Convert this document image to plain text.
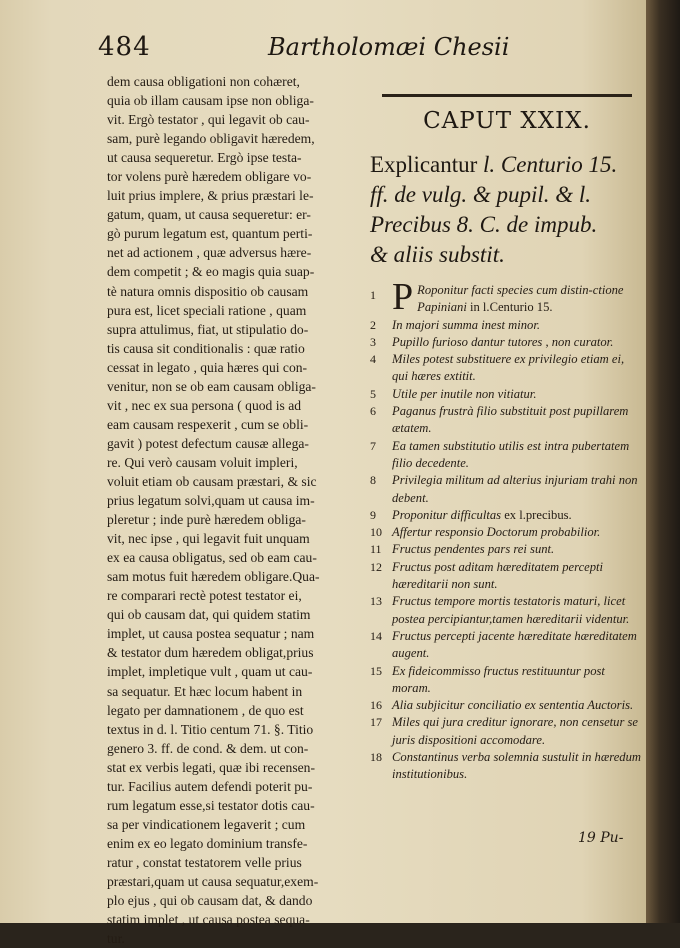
484	Bartholomæi Chesii
dem causa obligationi non cohæret,
quia ob illam causam ipse non obliga-
vit. Ergò testator , qui legavit ob cau-
sam, purè legando obligavit hæredem,
ut causa sequeretur. Ergò ipse testa-
tor volens purè hæredem obligare vo-
luit prius implere, & prius præstari le-
gatum, quam, ut causa sequeretur: er-
gò purum legatum est, quantum perti-
net ad actionem , quæ adversus hære-
dem competit ; & eo magis quia suap-
tè natura omnis dispositio ob causam
pura est, licet speciali ratione , quam
supra attulimus, fiat, ut stipulatio do-
tis causa sit conditionalis : quæ ratio
cessat in legato , quia hæres qui con-
venitur, non se ob eam causam obliga-
vit , nec ex sua persona ( quod is ad
eam causam respexerit , cum se obli-
gavit ) potest defectum causæ allega-
re. Qui verò causam voluit impleri,
voluit etiam ob causam præstari, & sic
prius legatum solvi,quam ut causa im-
pleretur ; inde purè hæredem obliga-
vit, nec ipse , qui legavit fuit unquam
ex ea causa obligatus, sed ob eam cau-
sam motus fuit hæredem obligare.Qua-
re comparari rectè potest testator ei,
qui ob causam dat, qui quidem statim
implet, ut causa postea sequatur ; nam
& testator dum hæredem obligat,prius
implet, impletique vult , quam ut cau-
sa sequatur. Et hæc locum habent in
legato per damnationem , de quo est
textus in d. l. Titio centum 71. §. Titio
genero 3. ff. de cond. & dem. ut con-
stat ex verbis legati, quæ ibi recensen-
tur. Facilius autem defendi poterit pu-
rum legatum esse,si testator dotis cau-
sa per vindicationem legaverit ; cum
enim ex eo legato dominium transfe-
ratur , constat testatorem velle prius
præstari,quam ut causa sequatur,exem-
plo ejus , qui ob causam dat, & dando
statim implet , ut causa postea sequa-
tur.
CAPUT XXIX.
Explicantur l. Centurio 15.
ff. de vulg. & pupil. & l.
Precibus 8. C. de impub.
& aliis substit.
1 P Roponitur facti species cum distin-ctione Papiniani in l.Centurio 15.
2	In majori summa inest minor.
3	Pupillo furioso dantur tutores , non curator.
4	Miles potest substituere ex privilegio etiam ei, qui hæres extitit.
5	Utile per inutile non vitiatur.
6	Paganus frustrà filio substituit post pupillarem ætatem.
7	Ea tamen substitutio utilis est intra pubertatem filio decedente.
8	Privilegia militum ad alterius injuriam trahi non debent.
9	Proponitur difficultas ex l.precibus.
10 Affertur responsio Doctorum probabilior.
11 Fructus pendentes pars rei sunt.
12 Fructus post aditam hæreditatem percepti hæreditarii non sunt.
13 Fructus tempore mortis testatoris maturi, licet postea percipiantur,tamen hæreditarii videntur.
14 Fructus percepti jacente hæreditate hæreditatem augent.
15 Ex fideicommisso fructus restituuntur post moram.
16 Alia subjicitur conciliatio ex sententia Auctoris.
17 Miles qui jura creditur ignorare, non censetur se juris dispositioni accomodare.
18 Constantinus verba solemnia sustulit in hæredum institutionibus.
19 Pu-
